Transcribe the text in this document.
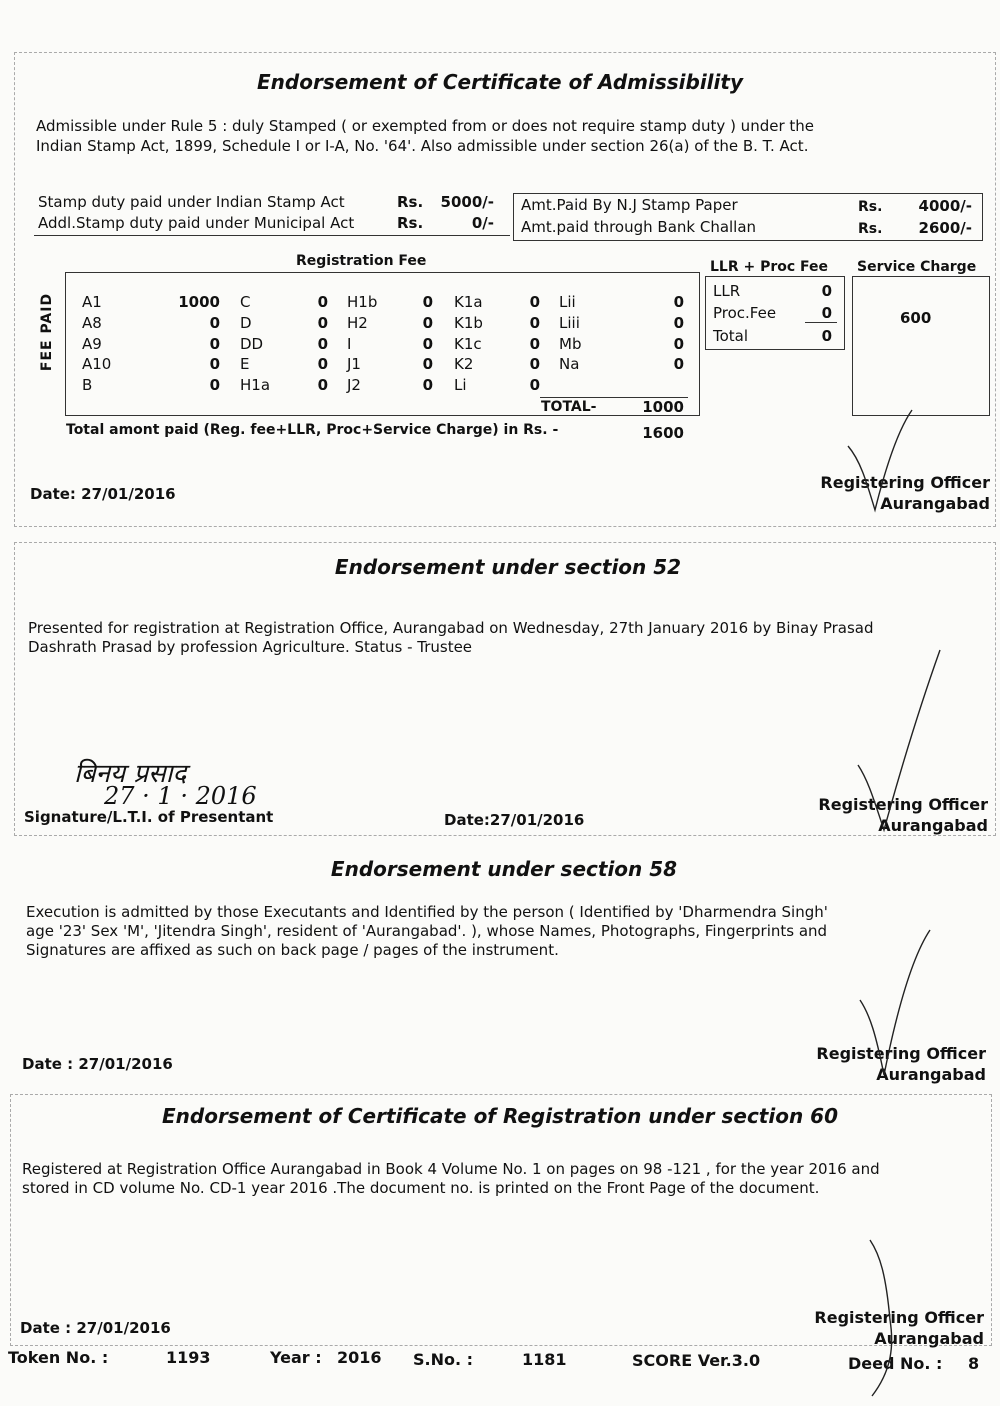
Endorsement of Certificate of Admissibility
Admissible under Rule 5 : duly Stamped ( or exempted from or does not require stamp duty ) under the
Indian Stamp Act, 1899, Schedule I or I-A, No. '64'. Also admissible under section 26(a) of the B. T. Act.
Stamp duty paid under Indian Stamp Act	Rs.	5000/-
Addl.Stamp duty paid under Municipal Act	Rs.	0/-
Amt.Paid By N.J Stamp Paper	Rs.	4000/-
Amt.paid through Bank Challan	Rs.	2600/-
Registration Fee
FEE PAID A1	1000 C	0 H1b	0 K1a	0 Lii	0
A8	0 D	0 H2	0 K1b	0 Liii	0
A9	0 DD	0 I	0 K1c	0 Mb	0
A10	0 E	0 J1	0 K2	0 Na	0
B	0 H1a	0 J2	0 Li	0
TOTAL-	1000
LLR + Proc Fee
LLR	0
Proc.Fee	0
Total	0
Service Charge
600
Total amont paid (Reg. fee+LLR, Proc+Service Charge) in Rs. -	1600
Date: 27/01/2016
Registering Officer
Aurangabad
Endorsement under section 52
Presented for registration at Registration Office, Aurangabad on Wednesday, 27th January 2016 by Binay Prasad
Dashrath Prasad by profession Agriculture. Status - Trustee
बिनय प्रसाद
27 · 1 · 2016
Signature/L.T.I. of Presentant	Date:27/01/2016
Registering Officer
Aurangabad
Endorsement under section 58
Execution is admitted by those Executants and Identified by the person ( Identified by 'Dharmendra Singh'
age '23' Sex 'M', 'Jitendra Singh', resident of 'Aurangabad'. ), whose Names, Photographs, Fingerprints and
Signatures are affixed as such on back page / pages of the instrument.
Date : 27/01/2016
Registering Officer
Aurangabad
Endorsement of Certificate of Registration under section 60
Registered at Registration Office Aurangabad in Book 4 Volume No. 1 on pages on 98 -121 , for the year 2016 and
stored in CD volume No. CD-1 year 2016 .The document no. is printed on the Front Page of the document.
Date : 27/01/2016
Registering Officer
Aurangabad
Token No. :	1193	Year : 2016 S.No. :	1181	SCORE Ver.3.0	Deed No. : 8
